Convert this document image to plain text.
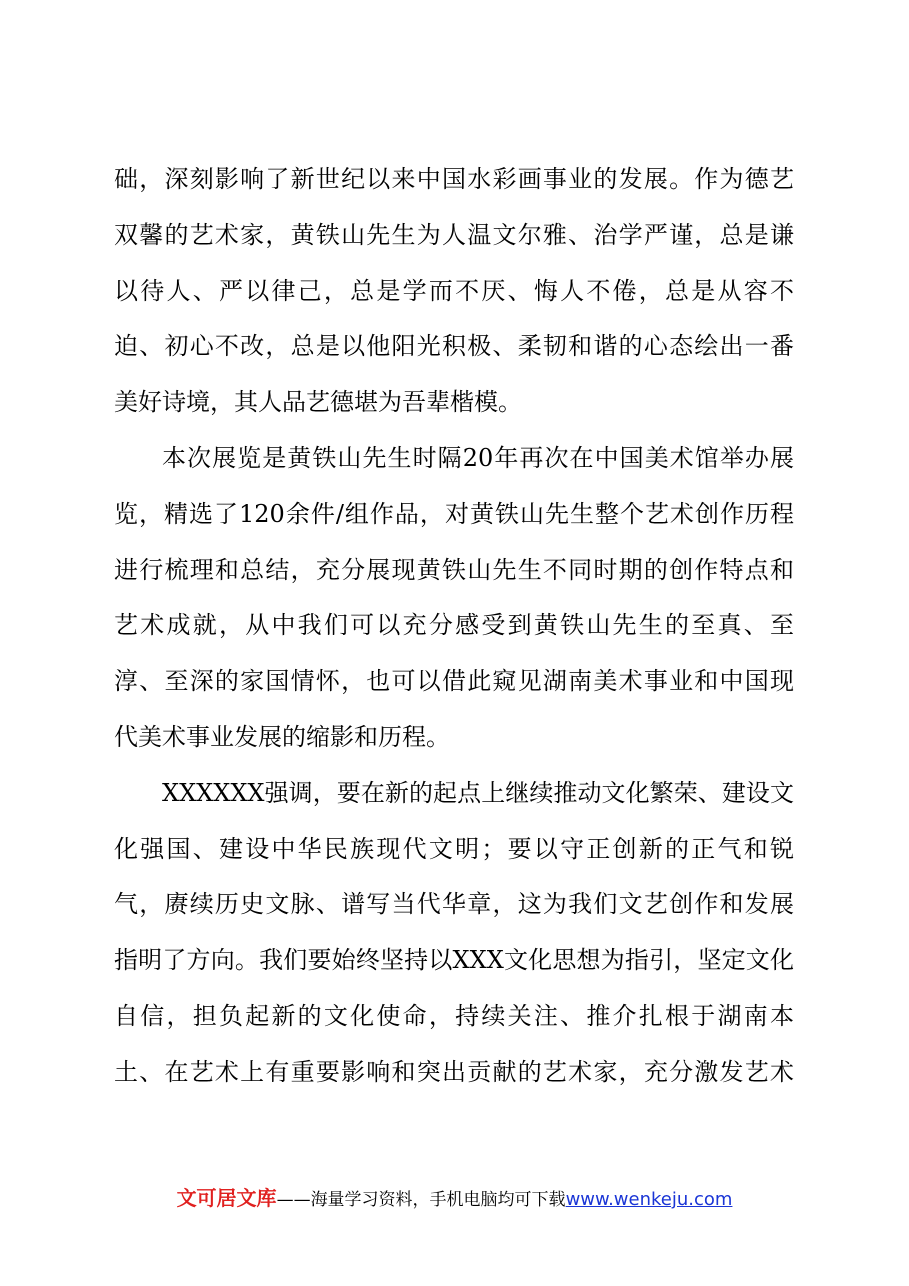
础，深刻影响了新世纪以来中国水彩画事业的发展。作为德艺
双馨的艺术家，黄铁山先生为人温文尔雅、治学严谨，总是谦
以待人、严以律己，总是学而不厌、悔人不倦，总是从容不
迫、初心不改，总是以他阳光积极、柔韧和谐的心态绘出一番
美好诗境，其人品艺德堪为吾辈楷模。
本次展览是黄铁山先生时隔20年再次在中国美术馆举办展
览，精选了120余件/组作品，对黄铁山先生整个艺术创作历程
进行梳理和总结，充分展现黄铁山先生不同时期的创作特点和
艺术成就，从中我们可以充分感受到黄铁山先生的至真、至
淳、至深的家国情怀，也可以借此窥见湖南美术事业和中国现
代美术事业发展的缩影和历程。
XXXXXX强调，要在新的起点上继续推动文化繁荣、建设文
化强国、建设中华民族现代文明；要以守正创新的正气和锐
气，赓续历史文脉、谱写当代华章，这为我们文艺创作和发展
指明了方向。我们要始终坚持以XXX文化思想为指引，坚定文化
自信，担负起新的文化使命，持续关注、推介扎根于湖南本
土、在艺术上有重要影响和突出贡献的艺术家，充分激发艺术
文可居文库——海量学习资料，手机电脑均可下载www.wenkeju.com
